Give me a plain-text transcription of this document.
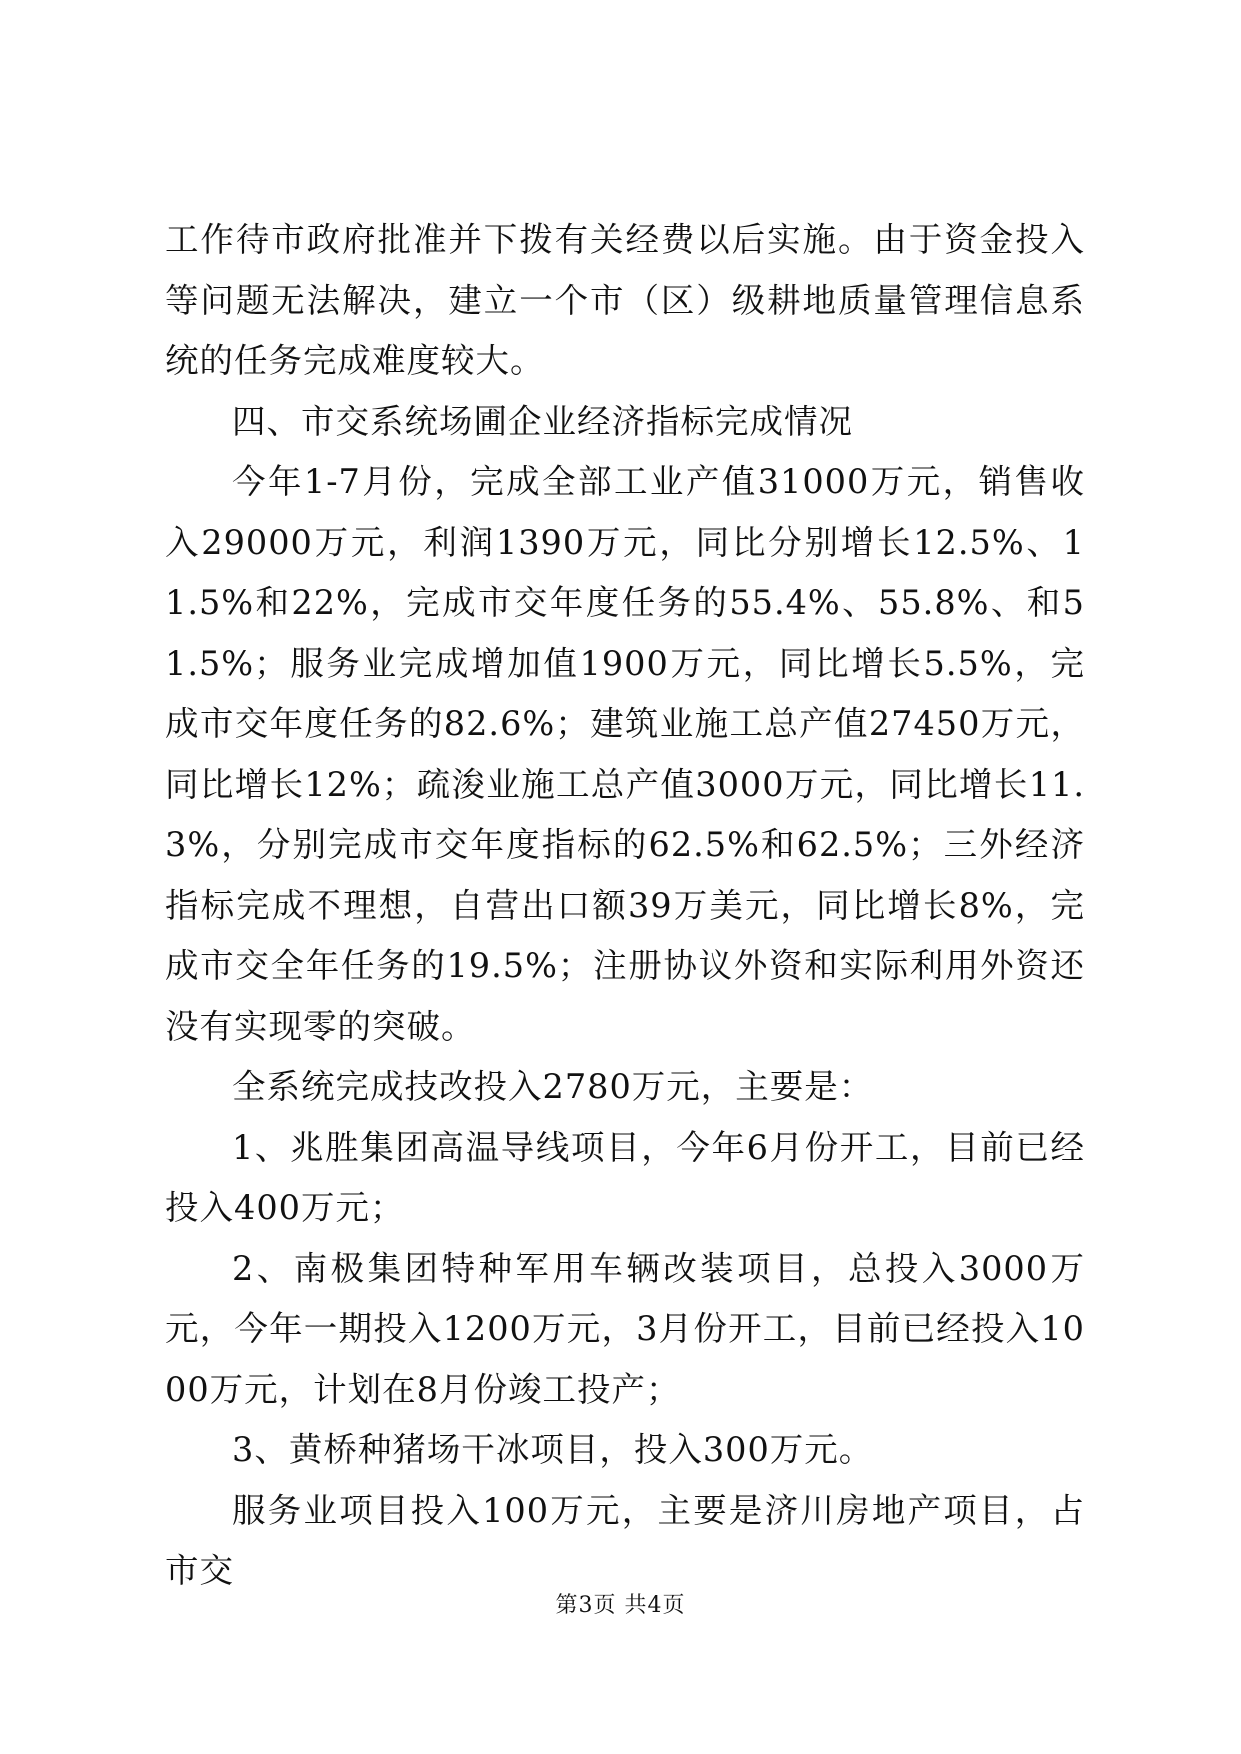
工作待市政府批准并下拨有关经费以后实施。由于资金投入等问题无法解决，建立一个市（区）级耕地质量管理信息系统的任务完成难度较大。

四、市交系统场圃企业经济指标完成情况

今年1-7月份，完成全部工业产值31000万元，销售收入29000万元，利润1390万元，同比分别增长12.5%、11.5%和22%，完成市交年度任务的55.4%、55.8%、和51.5%；服务业完成增加值1900万元，同比增长5.5%，完成市交年度任务的82.6%；建筑业施工总产值27450万元，同比增长12%；疏浚业施工总产值3000万元，同比增长11.3%，分别完成市交年度指标的62.5%和62.5%；三外经济指标完成不理想，自营出口额39万美元，同比增长8%，完成市交全年任务的19.5%；注册协议外资和实际利用外资还没有实现零的突破。

全系统完成技改投入2780万元，主要是：

1、兆胜集团高温导线项目，今年6月份开工，目前已经投入400万元；

2、南极集团特种军用车辆改装项目，总投入3000万元，今年一期投入1200万元，3月份开工，目前已经投入1000万元，计划在8月份竣工投产；

3、黄桥种猪场干冰项目，投入300万元。

服务业项目投入100万元，主要是济川房地产项目，占市交

第3页 共4页
